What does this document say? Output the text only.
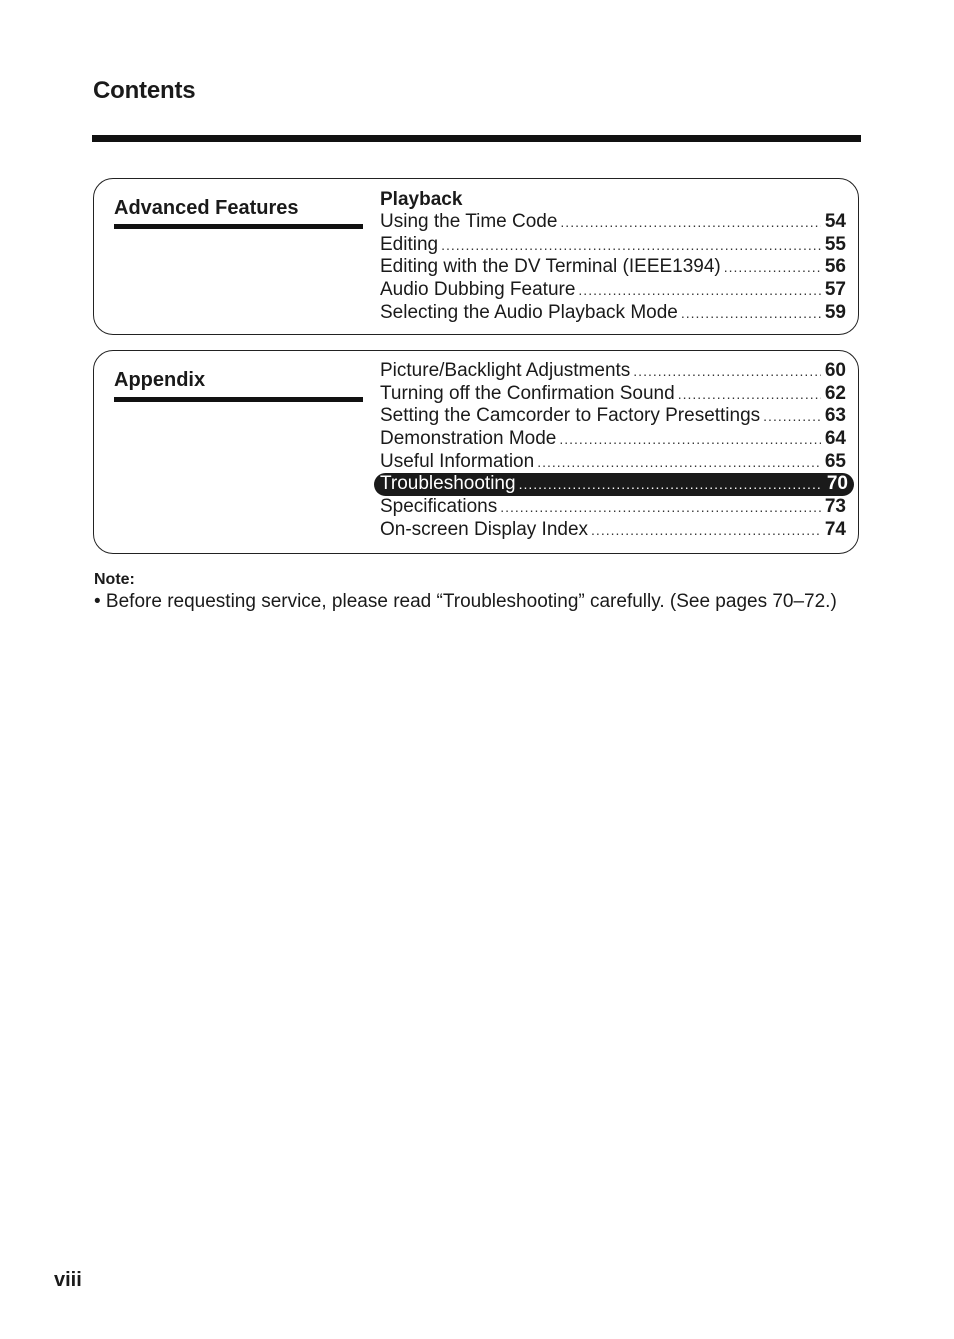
Contents
Advanced Features	Playback
Using the Time Code .....	54
Editing .....	55
Editing with the DV Terminal (IEEE1394) .....	56
Audio Dubbing Feature .....	57
Selecting the Audio Playback Mode .....	59
Appendix	Picture/Backlight Adjustments .....	60
Turning off the Confirmation Sound .....	62
Setting the Camcorder to Factory Presettings .....	63
Demonstration Mode .....	64
Useful Information .....	65
Troubleshooting .....	70
Specifications .....	73
On-screen Display Index .....	74
Note:
• Before requesting service, please read “Troubleshooting” carefully. (See pages 70–72.)
viii
